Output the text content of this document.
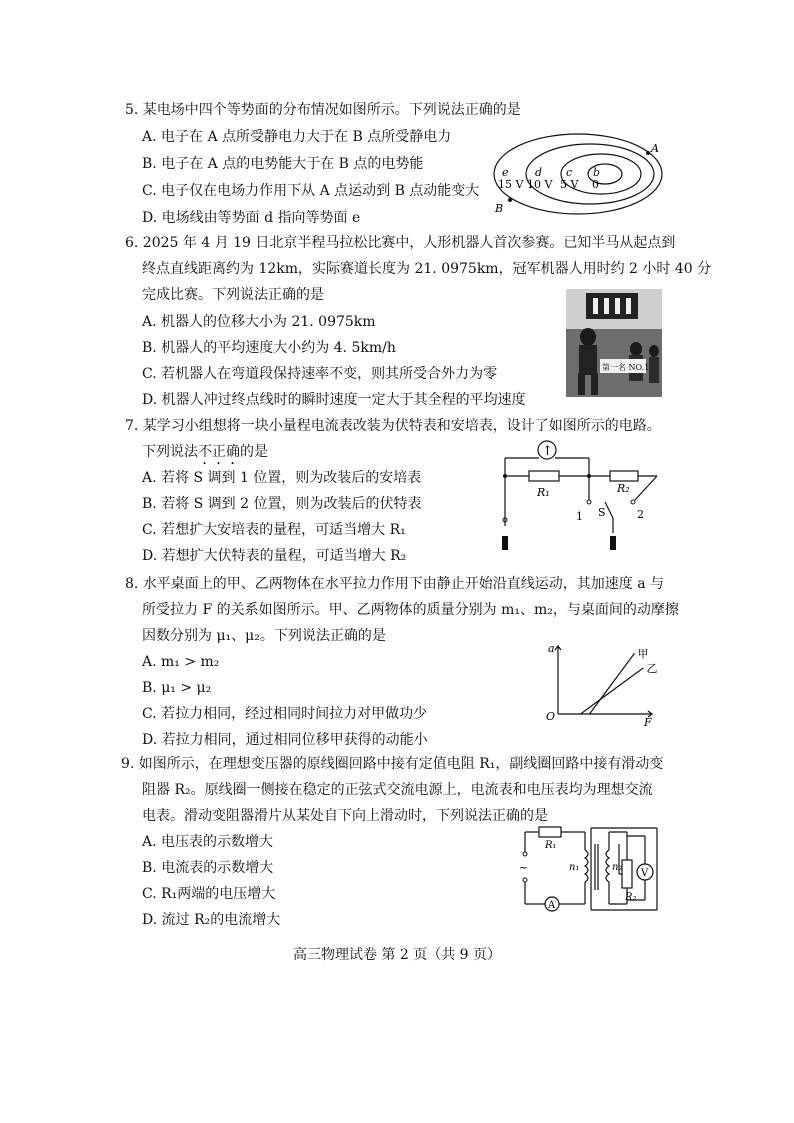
5. 某电场中四个等势面的分布情况如图所示。下列说法正确的是
A. 电子在 A 点所受静电力大于在 B 点所受静电力
B. 电子在 A 点的电势能大于在 B 点的电势能
C. 电子仅在电场力作用下从 A 点运动到 B 点动能变大
D. 电场线由等势面 d 指向等势面 e
e d c b
15 V 10 V 5 V 0
A
B
6. 2025 年 4 月 19 日北京半程马拉松比赛中，人形机器人首次参赛。已知半马从起点到
终点直线距离约为 12km，实际赛道长度为 21. 0975km，冠军机器人用时约 2 小时 40 分
完成比赛。下列说法正确的是
A. 机器人的位移大小为 21. 0975km
B. 机器人的平均速度大小约为 4. 5km/h
C. 若机器人在弯道段保持速率不变，则其所受合外力为零
D. 机器人冲过终点线时的瞬时速度一定大于其全程的平均速度
第一名 NO.1
7. 某学习小组想将一块小量程电流表改装为伏特表和安培表，设计了如图所示的电路。
下列说法不正确的是
A. 若将 S 调到 1 位置，则为改装后的安培表
B. 若将 S 调到 2 位置，则为改装后的伏特表
C. 若想扩大安培表的量程，可适当增大 R₁
D. 若想扩大伏特表的量程，可适当增大 R₂
↑
R₁	R₂
1 S	2
8. 水平桌面上的甲、乙两物体在水平拉力作用下由静止开始沿直线运动，其加速度 a 与
所受拉力 F 的关系如图所示。甲、乙两物体的质量分别为 m₁、m₂，与桌面间的动摩擦
因数分别为 μ₁、μ₂。下列说法正确的是
A. m₁ > m₂
B. μ₁ > μ₂
C. 若拉力相同，经过相同时间拉力对甲做功少
D. 若拉力相同，通过相同位移甲获得的动能小
a
F
O
甲
乙
9. 如图所示，在理想变压器的原线圈回路中接有定值电阻 R₁，副线圈回路中接有滑动变
阻器 R₂。原线圈一侧接在稳定的正弦式交流电源上，电流表和电压表均为理想交流
电表。滑动变阻器滑片从某处自下向上滑动时，下列说法正确的是
A. 电压表的示数增大
B. 电流表的示数增大
C. R₁两端的电压增大
D. 流过 R₂的电流增大
~
R₁
n₁	n₂
R₂
V
A
高三物理试卷 第 2 页（共 9 页）
